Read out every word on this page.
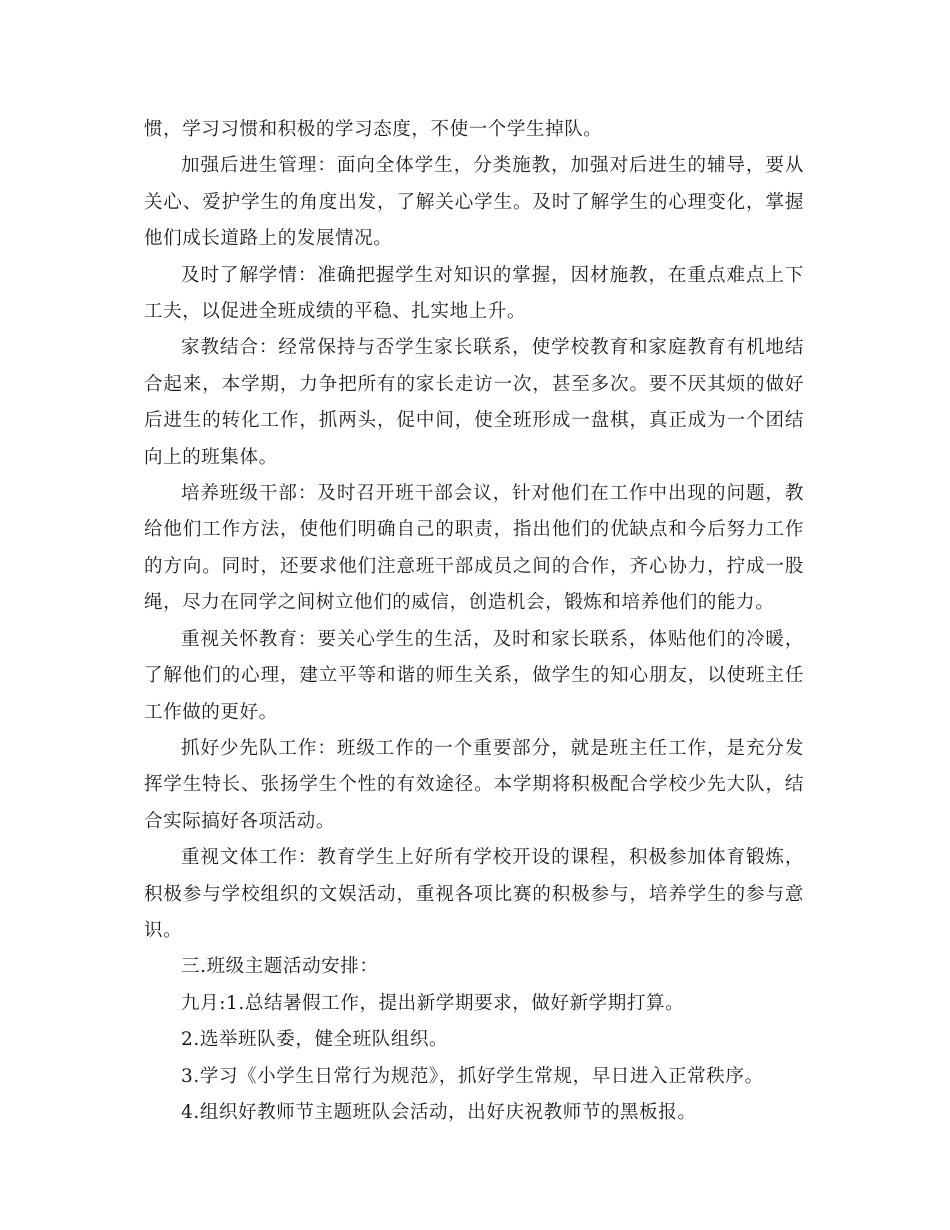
惯，学习习惯和积极的学习态度，不使一个学生掉队。

加强后进生管理：面向全体学生，分类施教，加强对后进生的辅导，要从关心、爱护学生的角度出发，了解关心学生。及时了解学生的心理变化，掌握他们成长道路上的发展情况。

及时了解学情：准确把握学生对知识的掌握，因材施教，在重点难点上下工夫，以促进全班成绩的平稳、扎实地上升。

家教结合：经常保持与否学生家长联系，使学校教育和家庭教育有机地结合起来，本学期，力争把所有的家长走访一次，甚至多次。要不厌其烦的做好后进生的转化工作，抓两头，促中间，使全班形成一盘棋，真正成为一个团结向上的班集体。

培养班级干部：及时召开班干部会议，针对他们在工作中出现的问题，教给他们工作方法，使他们明确自己的职责，指出他们的优缺点和今后努力工作的方向。同时，还要求他们注意班干部成员之间的合作，齐心协力，拧成一股绳，尽力在同学之间树立他们的威信，创造机会，锻炼和培养他们的能力。

重视关怀教育：要关心学生的生活，及时和家长联系，体贴他们的冷暖，了解他们的心理，建立平等和谐的师生关系，做学生的知心朋友，以使班主任工作做的更好。

抓好少先队工作：班级工作的一个重要部分，就是班主任工作，是充分发挥学生特长、张扬学生个性的有效途径。本学期将积极配合学校少先大队，结合实际搞好各项活动。

重视文体工作：教育学生上好所有学校开设的课程，积极参加体育锻炼，积极参与学校组织的文娱活动，重视各项比赛的积极参与，培养学生的参与意识。

三.班级主题活动安排：

九月:1.总结暑假工作，提出新学期要求，做好新学期打算。

2.选举班队委，健全班队组织。

3.学习《小学生日常行为规范》，抓好学生常规，早日进入正常秩序。

4.组织好教师节主题班队会活动，出好庆祝教师节的黑板报。
